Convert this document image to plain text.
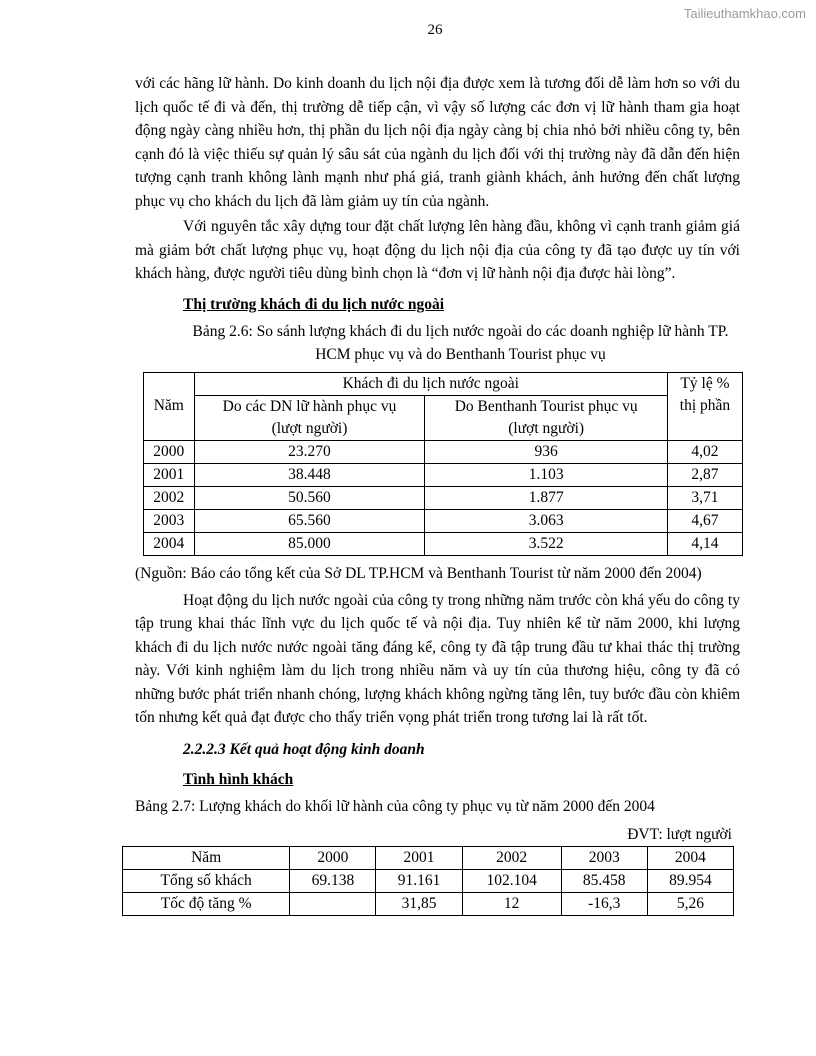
Tailieuthamkhao.com
26

với các hãng lữ hành. Do kinh doanh du lịch nội địa được xem là tương đối dễ làm hơn so với du lịch quốc tế đi và đến, thị trường dễ tiếp cận, vì vậy số lượng các đơn vị lữ hành tham gia hoạt động ngày càng nhiều hơn, thị phần du lịch nội địa ngày càng bị chia nhỏ bởi nhiều công ty, bên cạnh đó là việc thiếu sự quản lý sâu sát của ngành du lịch đối với thị trường này đã dẫn đến hiện tượng cạnh tranh không lành mạnh như phá giá, tranh giành khách, ảnh hưởng đến chất lượng phục vụ cho khách du lịch đã làm giảm uy tín của ngành.

Với nguyên tắc xây dựng tour đặt chất lượng lên hàng đầu, không vì cạnh tranh giảm giá mà giảm bớt chất lượng phục vụ, hoạt động du lịch nội địa của công ty đã tạo được uy tín với khách hàng, được người tiêu dùng bình chọn là “đơn vị lữ hành nội địa được hài lòng”.

Thị trường khách đi du lịch nước ngoài
Bảng 2.6: So sánh lượng khách đi du lịch nước ngoài do các doanh nghiệp lữ hành TP. HCM phục vụ và do Benthanh Tourist phục vụ
Năm	Khách đi du lịch nước ngoài		Tỷ lệ %
thị phần

	Do các DN lữ hành phục vụ	Do Benthanh Tourist phục vụ	
	(lượt người)	(lượt người)	
2000	23.270	936	4,02
2001	38.448	1.103	2,87
2002	50.560	1.877	3,71
2003	65.560	3.063	4,67
2004	85.000	3.522	4,14

(Nguồn: Báo cáo tổng kết của Sở DL TP.HCM và Benthanh Tourist từ năm 2000 đến 2004)

Hoạt động du lịch nước ngoài của công ty trong những năm trước còn khá yếu do công ty tập trung khai thác lĩnh vực du lịch quốc tế và nội địa. Tuy nhiên kể từ năm 2000, khi lượng khách đi du lịch nước nước ngoài tăng đáng kể, công ty đã tập trung đầu tư khai thác thị trường này. Với kinh nghiệm làm du lịch trong nhiều năm và uy tín của thương hiệu, công ty đã có những bước phát triển nhanh chóng, lượng khách không ngừng tăng lên, tuy bước đầu còn khiêm tốn nhưng kết quả đạt được cho thấy triển vọng phát triển trong tương lai là rất tốt.

2.2.2.3 Kết quả hoạt động kinh doanh
Tình hình khách
Bảng 2.7: Lượng khách do khối lữ hành của công ty phục vụ từ năm 2000 đến 2004
ĐVT: lượt người
Năm	2000	2001	2002	2003	2004
Tổng số khách	69.138	91.161	102.104	85.458	89.954
Tốc độ tăng %		31,85	12	-16,3	5,26
